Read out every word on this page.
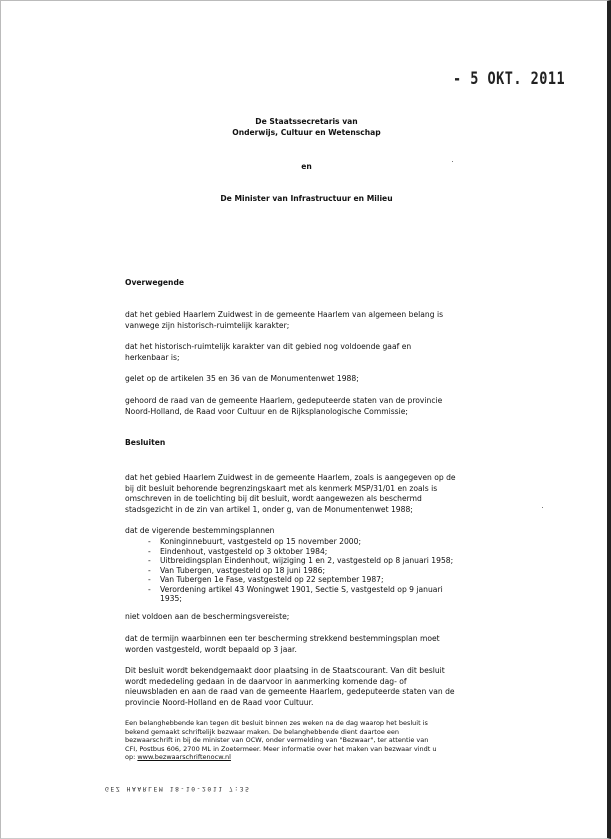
- 5 OKT. 2011
De Staatssecretaris van
Onderwijs, Cultuur en Wetenschap
en
De Minister van Infrastructuur en Milieu
Overwegende

dat het gebied Haarlem Zuidwest in de gemeente Haarlem van algemeen belang is
vanwege zijn historisch-ruimtelijk karakter;

dat het historisch-ruimtelijk karakter van dit gebied nog voldoende gaaf en
herkenbaar is;

gelet op de artikelen 35 en 36 van de Monumentenwet 1988;

gehoord de raad van de gemeente Haarlem, gedeputeerde staten van de provincie
Noord-Holland, de Raad voor Cultuur en de Rijksplanologische Commissie;

Besluiten

dat het gebied Haarlem Zuidwest in de gemeente Haarlem, zoals is aangegeven op de
bij dit besluit behorende begrenzingskaart met als kenmerk MSP/31/01 en zoals is
omschreven in de toelichting bij dit besluit, wordt aangewezen als beschermd
stadsgezicht in de zin van artikel 1, onder g, van de Monumentenwet 1988;

dat de vigerende bestemmingsplannen

- Koninginnebuurt, vastgesteld op 15 november 2000;
- Eindenhout, vastgesteld op 3 oktober 1984;
- Uitbreidingsplan Eindenhout, wijziging 1 en 2, vastgesteld op 8 januari 1958;
- Van Tubergen, vastgesteld op 18 juni 1986;
- Van Tubergen 1e Fase, vastgesteld op 22 september 1987;
- Verordening artikel 43 Woningwet 1901, Sectie S, vastgesteld op 9 januari
1935;

niet voldoen aan de beschermingsvereiste;

dat de termijn waarbinnen een ter bescherming strekkend bestemmingsplan moet
worden vastgesteld, wordt bepaald op 3 jaar.

Dit besluit wordt bekendgemaakt door plaatsing in de Staatscourant. Van dit besluit
wordt mededeling gedaan in de daarvoor in aanmerking komende dag- of
nieuwsbladen en aan de raad van de gemeente Haarlem, gedeputeerde staten van de
provincie Noord-Holland en de Raad voor Cultuur.

Een belanghebbende kan tegen dit besluit binnen zes weken na de dag waarop het besluit is
bekend gemaakt schriftelijk bezwaar maken. De belanghebbende dient daartoe een
bezwaarschrift in bij de minister van OCW, onder vermelding van "Bezwaar", ter attentie van
CFI, Postbus 606, 2700 ML in Zoetermeer. Meer informatie over het maken van bezwaar vindt u
op: www.bezwaarschriftenocw.nl

GEZ HAARLEM 18-10-2011 7:35
